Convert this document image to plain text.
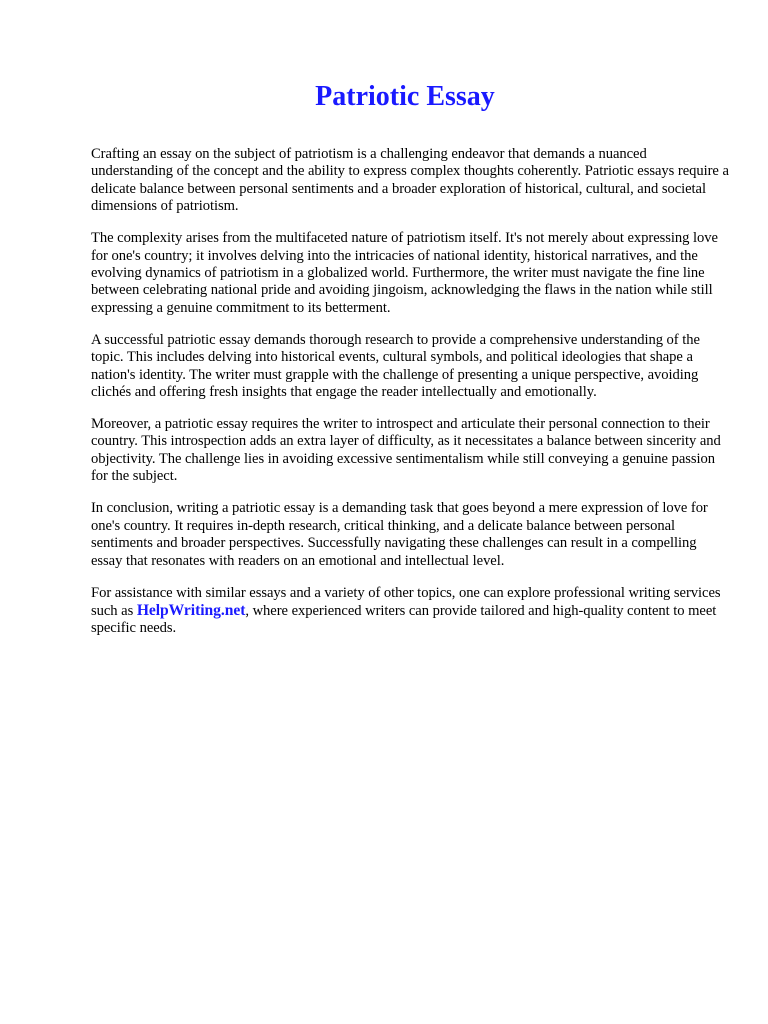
Patriotic Essay

Crafting an essay on the subject of patriotism is a challenging endeavor that demands a nuanced understanding of the concept and the ability to express complex thoughts coherently. Patriotic essays require a delicate balance between personal sentiments and a broader exploration of historical, cultural, and societal dimensions of patriotism.

The complexity arises from the multifaceted nature of patriotism itself. It's not merely about expressing love for one's country; it involves delving into the intricacies of national identity, historical narratives, and the evolving dynamics of patriotism in a globalized world. Furthermore, the writer must navigate the fine line between celebrating national pride and avoiding jingoism, acknowledging the flaws in the nation while still expressing a genuine commitment to its betterment.

A successful patriotic essay demands thorough research to provide a comprehensive understanding of the topic. This includes delving into historical events, cultural symbols, and political ideologies that shape a nation's identity. The writer must grapple with the challenge of presenting a unique perspective, avoiding clichés and offering fresh insights that engage the reader intellectually and emotionally.

Moreover, a patriotic essay requires the writer to introspect and articulate their personal connection to their country. This introspection adds an extra layer of difficulty, as it necessitates a balance between sincerity and objectivity. The challenge lies in avoiding excessive sentimentalism while still conveying a genuine passion for the subject.

In conclusion, writing a patriotic essay is a demanding task that goes beyond a mere expression of love for one's country. It requires in-depth research, critical thinking, and a delicate balance between personal sentiments and broader perspectives. Successfully navigating these challenges can result in a compelling essay that resonates with readers on an emotional and intellectual level.

For assistance with similar essays and a variety of other topics, one can explore professional writing services such as HelpWriting.net, where experienced writers can provide tailored and high-quality content to meet specific needs.
